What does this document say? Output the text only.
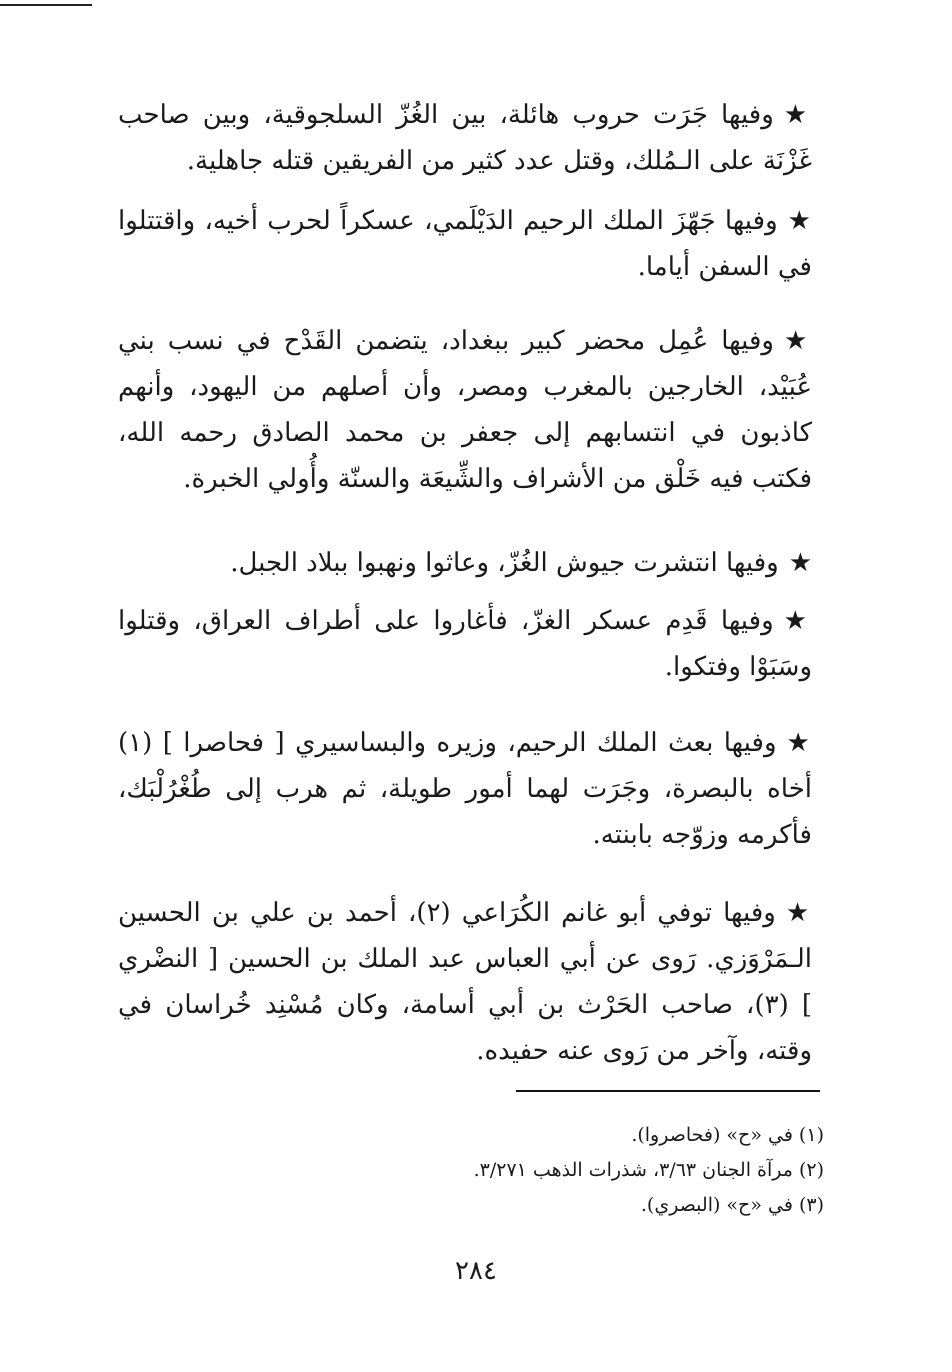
★وفيها جَرَت حروب هائلة، بين الغُزّ السلجوقية، وبين صاحب غَزْنَة على الـمُلك، وقتل عدد كثير من الفريقين قتله جاهلية.

★وفيها جَهّزَ الملك الرحيم الدَيْلَمي، عسكراً لحرب أخيه، واقتتلوا في السفن أياما.

★وفيها عُمِل محضر كبير ببغداد، يتضمن القَدْح في نسب بني عُبَيْد، الخارجين بالمغرب ومصر، وأن أصلهم من اليهود، وأنهم كاذبون في انتسابهم إلى جعفر بن محمد الصادق رحمه الله، فكتب فيه خَلْق من الأشراف والشِّيعَة والسنّة وأُولي الخبرة.

★وفيها انتشرت جيوش الغُزّ، وعاثوا ونهبوا ببلاد الجبل.

★وفيها قَدِم عسكر الغزّ، فأغاروا على أطراف العراق، وقتلوا وسَبَوْا وفتكوا.

★وفيها بعث الملك الرحيم، وزيره والبساسيري [ فحاصرا ] (١) أخاه بالبصرة، وجَرَت لهما أمور طويلة، ثم هرب إلى طُغْرُلْبَك، فأكرمه وزوّجه بابنته.

★وفيها توفي أبو غانم الكُرَاعي (٢)، أحمد بن علي بن الحسين الـمَرْوَزي. رَوى عن أبي العباس عبد الملك بن الحسين [ النضْري ] (٣)، صاحب الحَرْث بن أبي أسامة، وكان مُسْنِد خُراسان في وقته، وآخر من رَوى عنه حفيده.

(١) في «ح» (فحاصروا).
(٢) مرآة الجنان ٣/٦٣، شذرات الذهب ٣/٢٧١.
(٣) في «ح» (البصري).
٢٨٤
